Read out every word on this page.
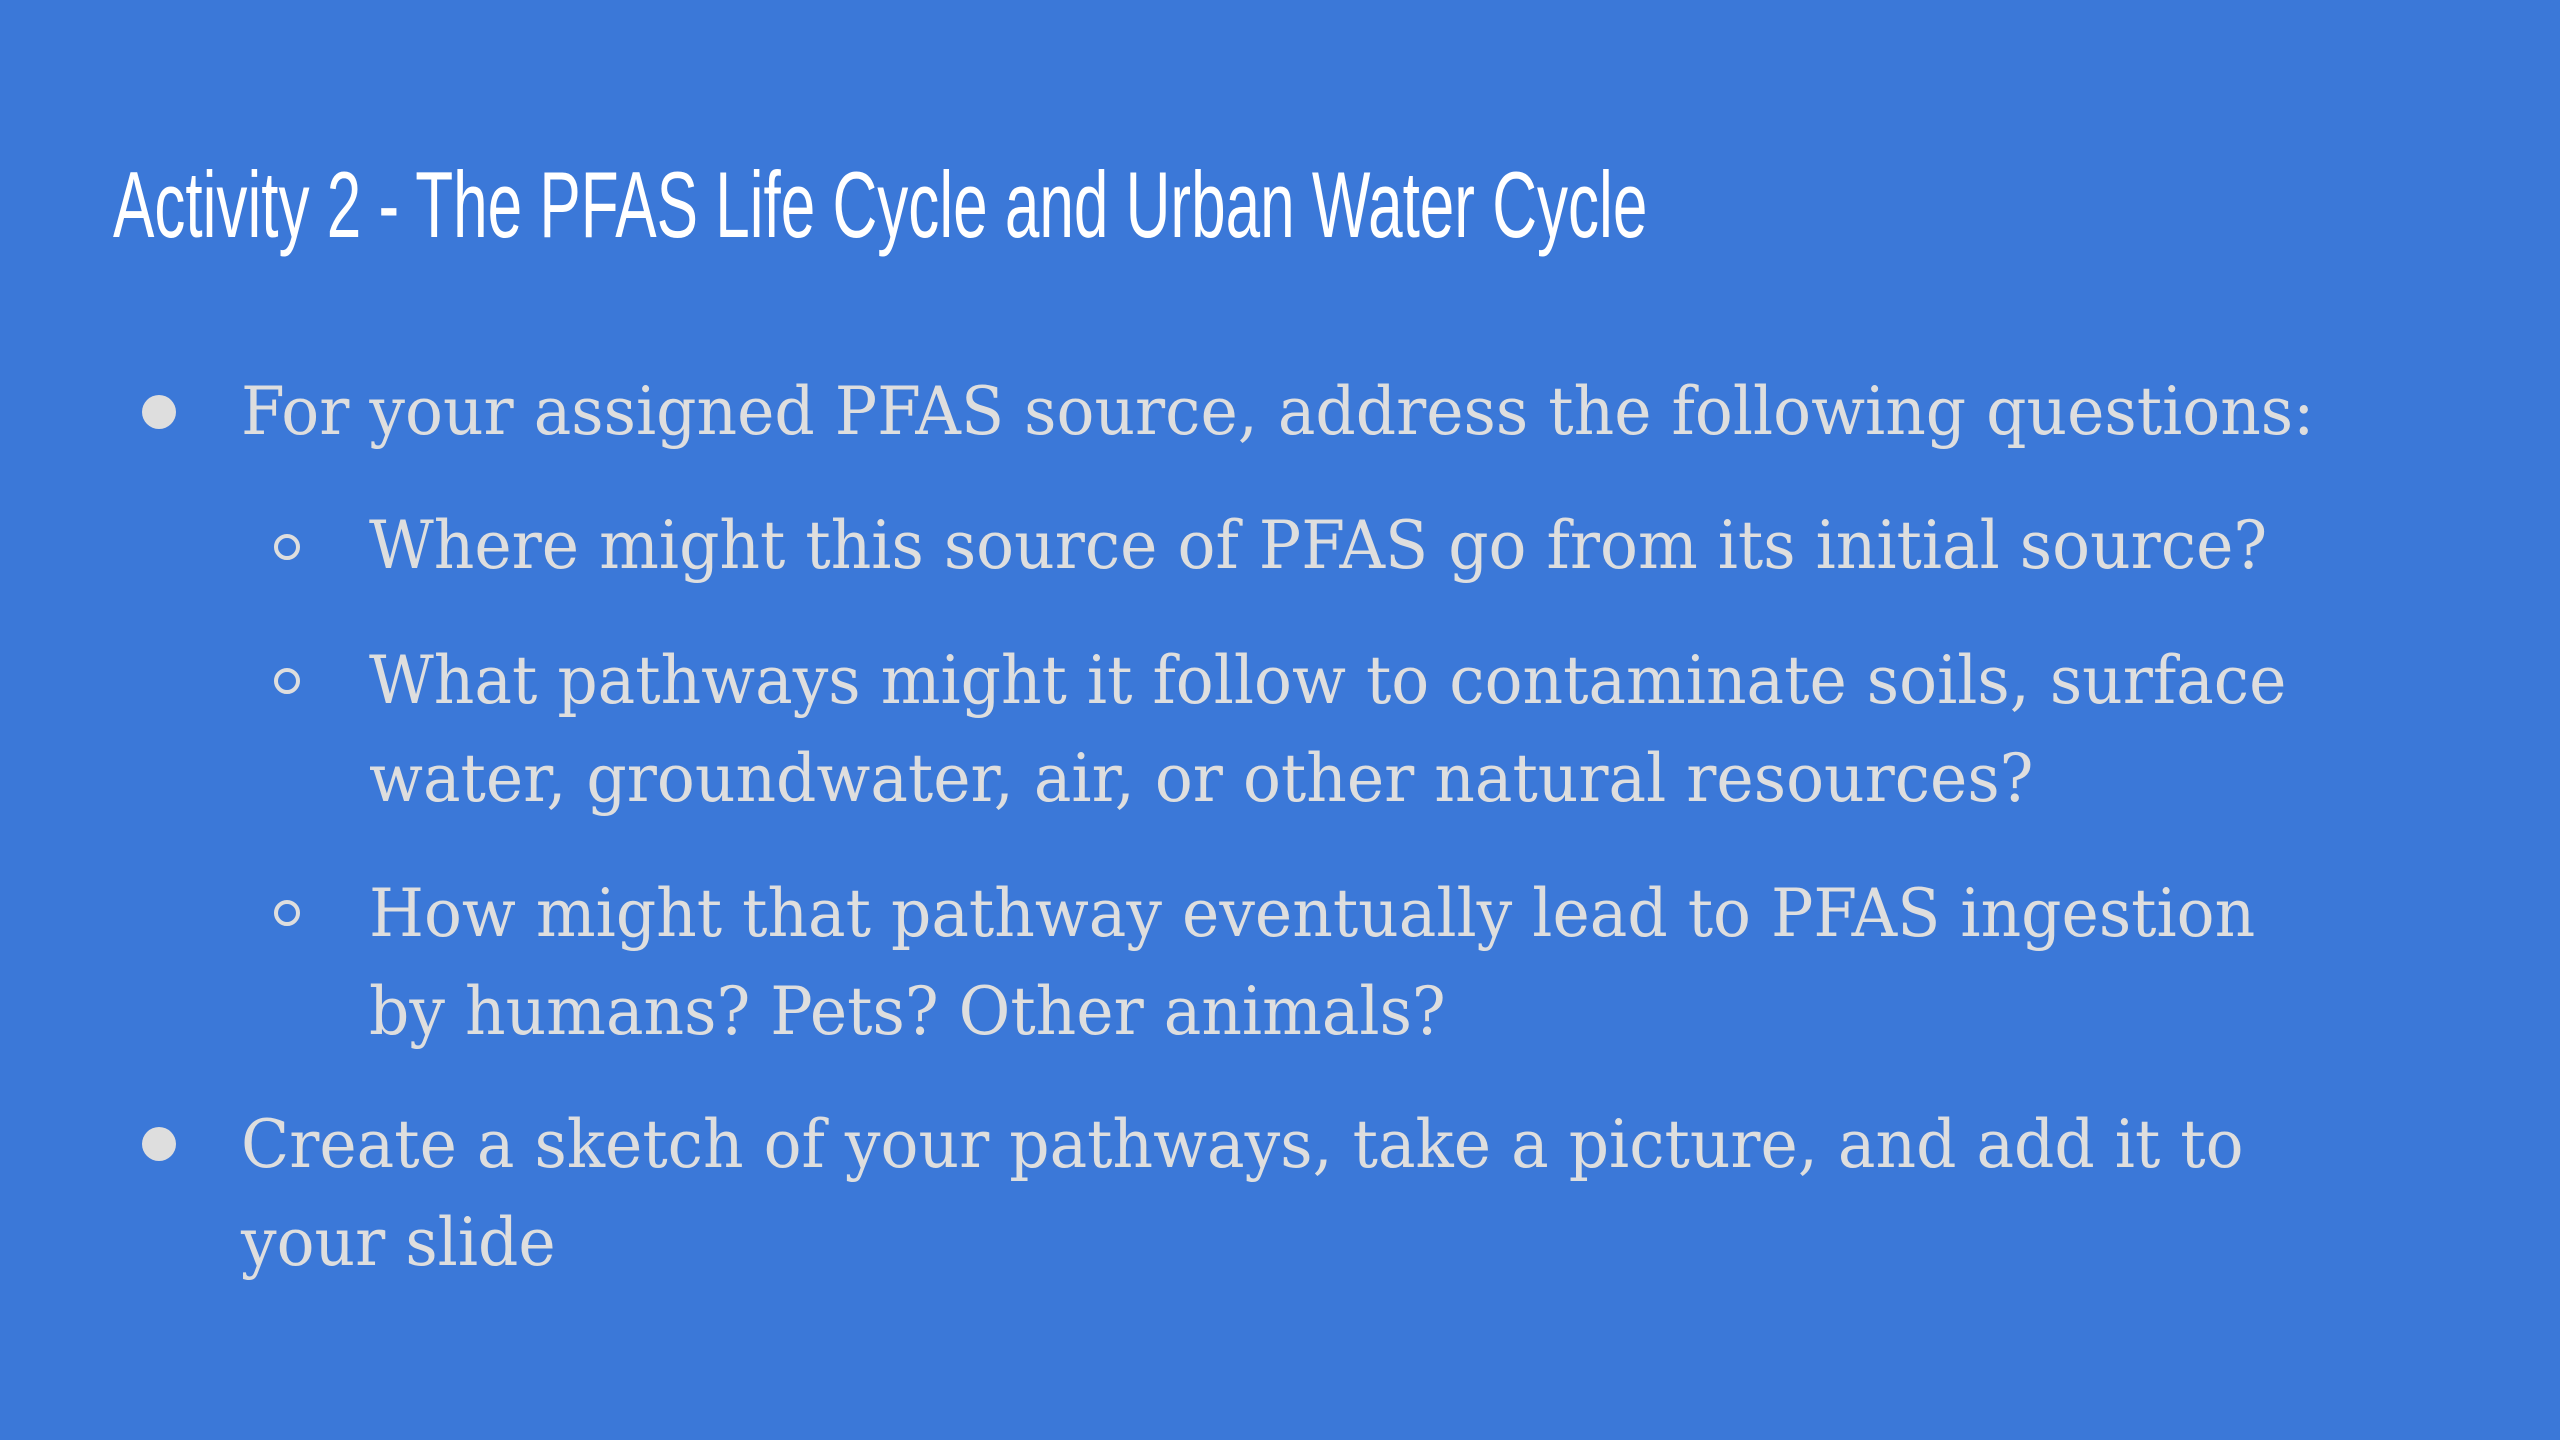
Activity 2 - The PFAS Life Cycle and Urban Water Cycle

For your assigned PFAS source, address the following questions:

Where might this source of PFAS go from its initial source?

What pathways might it follow to contaminate soils, surface

water, groundwater, air, or other natural resources?

How might that pathway eventually lead to PFAS ingestion

by humans? Pets? Other animals?

Create a sketch of your pathways, take a picture, and add it to

your slide
